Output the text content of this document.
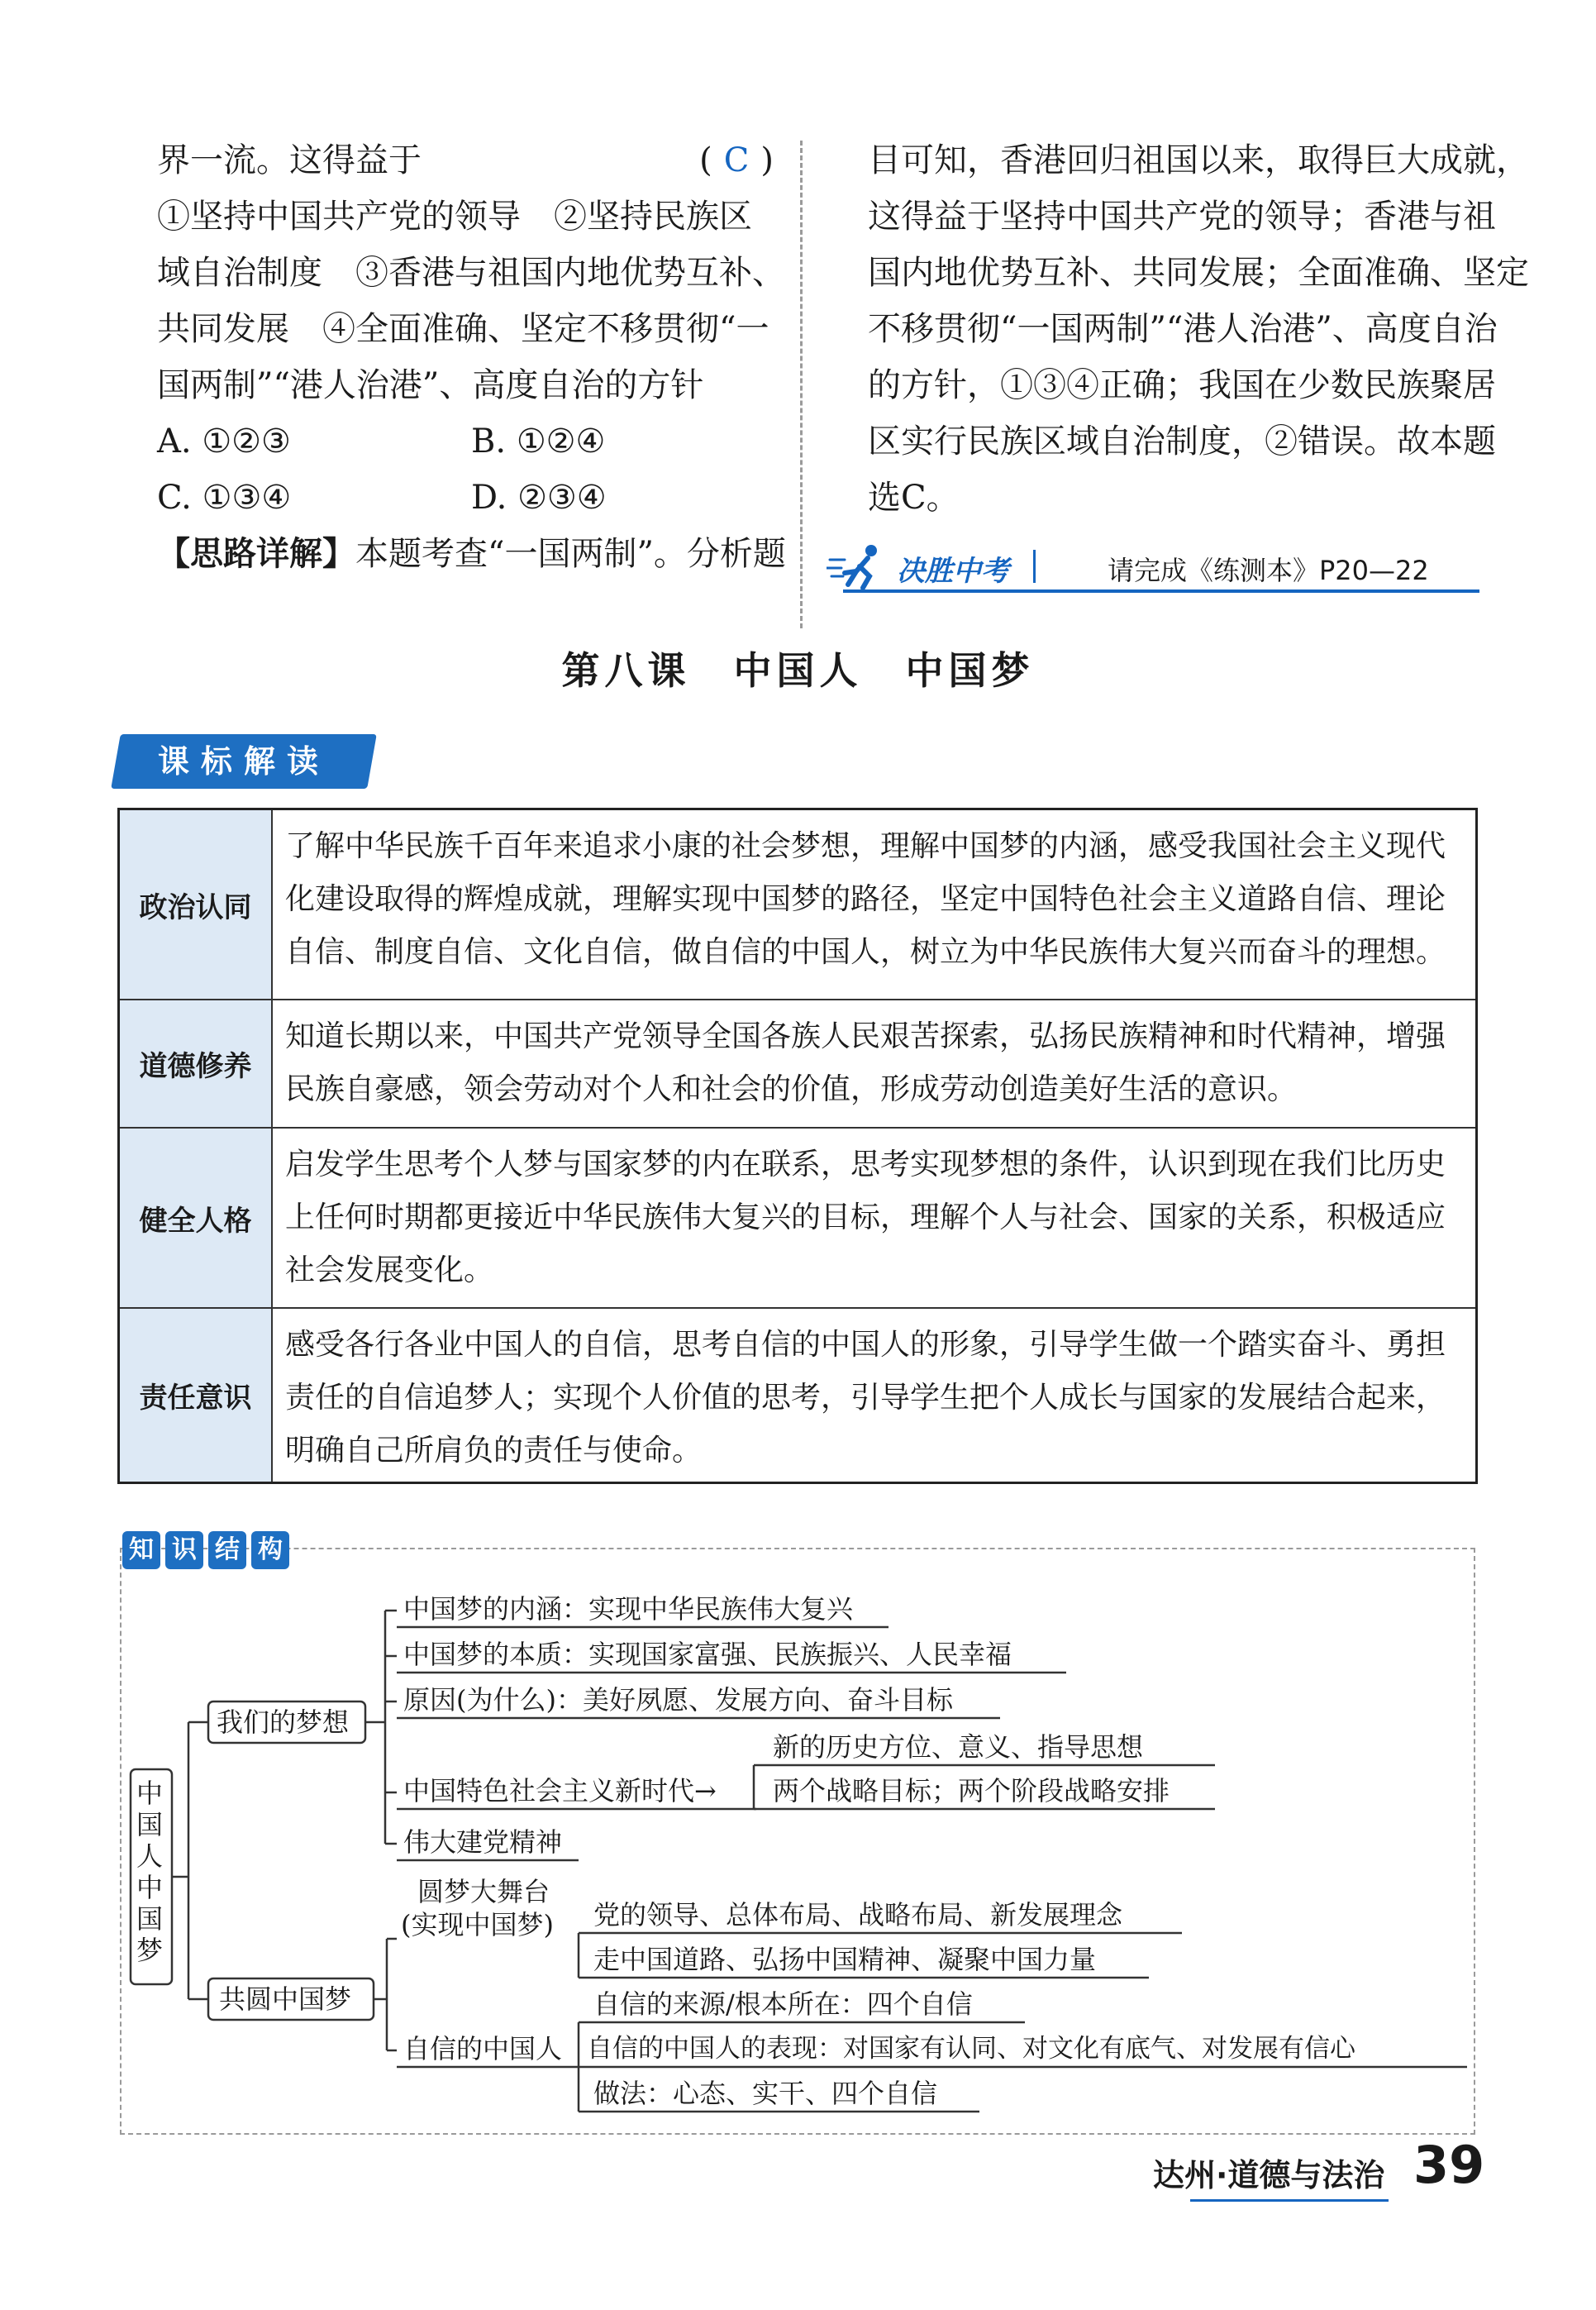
界一流。这得益于	(C)
①坚持中国共产党的领导　②坚持民族区
域自治制度　③香港与祖国内地优势互补、
共同发展　④全面准确、坚定不移贯彻“一
国两制”“港人治港”、高度自治的方针
A. ①②③	B. ①②④
C. ①③④	D. ②③④
【思路详解】本题考查“一国两制”。分析题
目可知，香港回归祖国以来，取得巨大成就，
这得益于坚持中国共产党的领导；香港与祖
国内地优势互补、共同发展；全面准确、坚定
不移贯彻“一国两制”“港人治港”、高度自治
的方针，①③④正确；我国在少数民族聚居
区实行民族区域自治制度，②错误。故本题
选C。
决胜中考	请完成《练测本》P20—22
第八课　中国人　中国梦
课标解读
政治认同
了解中华民族千百年来追求小康的社会梦想，理解中国梦的内涵，感受我国社会主义现代化建设取得的辉煌成就，理解实现中国梦的路径，坚定中国特色社会主义道路自信、理论自信、制度自信、文化自信，做自信的中国人，树立为中华民族伟大复兴而奋斗的理想。
道德修养
知道长期以来，中国共产党领导全国各族人民艰苦探索，弘扬民族精神和时代精神，增强民族自豪感，领会劳动对个人和社会的价值，形成劳动创造美好生活的意识。
健全人格
启发学生思考个人梦与国家梦的内在联系，思考实现梦想的条件，认识到现在我们比历史上任何时期都更接近中华民族伟大复兴的目标，理解个人与社会、国家的关系，积极适应社会发展变化。
责任意识
感受各行各业中国人的自信，思考自信的中国人的形象，引导学生做一个踏实奋斗、勇担责任的自信追梦人；实现个人价值的思考，引导学生把个人成长与国家的发展结合起来，明确自己所肩负的责任与使命。
知 识 结 构
中国人　中国梦
我们的梦想
中国梦的内涵：实现中华民族伟大复兴
中国梦的本质：实现国家富强、民族振兴、人民幸福
原因(为什么)：美好夙愿、发展方向、奋斗目标
新的历史方位、意义、指导思想
中国特色社会主义新时代→ 两个战略目标；两个阶段战略安排
伟大建党精神
共圆中国梦
圆梦大舞台
(实现中国梦) 党的领导、总体布局、战略布局、新发展理念
走中国道路、弘扬中国精神、凝聚中国力量
自信的来源/根本所在：四个自信
自信的中国人 自信的中国人的表现：对国家有认同、对文化有底气、对发展有信心
做法：心态、实干、四个自信
达州·道德与法治 39
